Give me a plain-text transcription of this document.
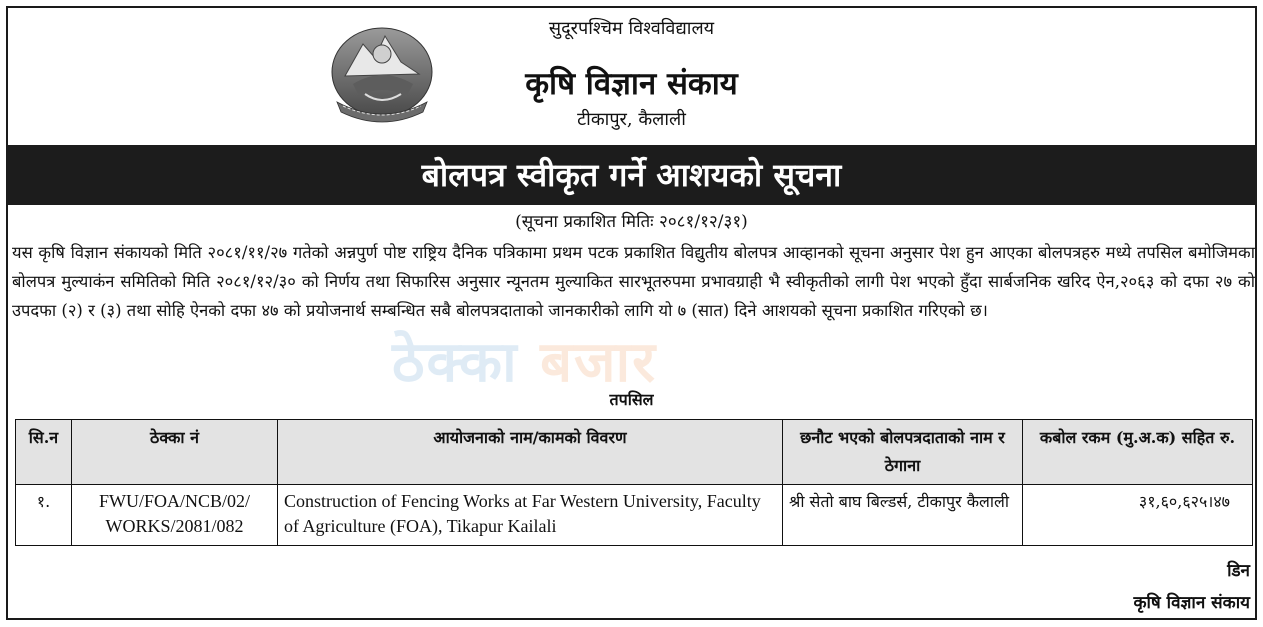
सुदूरपश्चिम विश्वविद्यालय
कृषि विज्ञान संकाय
टीकापुर, कैलाली
बोलपत्र स्वीकृत गर्ने आशयको सूचना
(सूचना प्रकाशित मितिः २०८१/१२/३१)

यस कृषि विज्ञान संकायको मिति २०८१/११/२७ गतेको अन्नपुर्ण पोष्ट राष्ट्रिय दैनिक पत्रिकामा प्रथम पटक प्रकाशित विद्युतीय बोलपत्र आव्हानको सूचना अनुसार पेश हुन आएका बोलपत्रहरु मध्ये तपसिल बमोजिमका बोलपत्र मुल्याकंन समितिको मिति २०८१/१२/३० को निर्णय तथा सिफारिस अनुसार न्यूनतम मुल्याकित सारभूतरुपमा प्रभावग्राही भै स्वीकृतीको लागी पेश भएको हुँदा सार्बजनिक खरिद ऐन,२०६३ को दफा २७ को उपदफा (२) र (३) तथा सोहि ऐनको दफा ४७ को प्रयोजनार्थ सम्बन्धित सबै बोलपत्रदाताको जानकारीको लागि यो ७ (सात) दिने आशयको सूचना प्रकाशित गरिएको छ।

ठेक्का बजार
तपसिल
सि.न	ठेक्का नं	आयोजनाको नाम/कामको विवरण	छनौट भएको बोलपत्रदाताको नाम र ठेगाना	कबोल रकम (मु.अ.क) सहित रु.
१.	FWU/FOA/NCB/02/ WORKS/2081/082	Construction of Fencing Works at Far Western University, Faculty of Agriculture (FOA), Tikapur Kailali	श्री सेतो बाघ बिल्डर्स, टीकापुर कैलाली	३१,६०,६२५।४७
डिन
कृषि विज्ञान संकाय
